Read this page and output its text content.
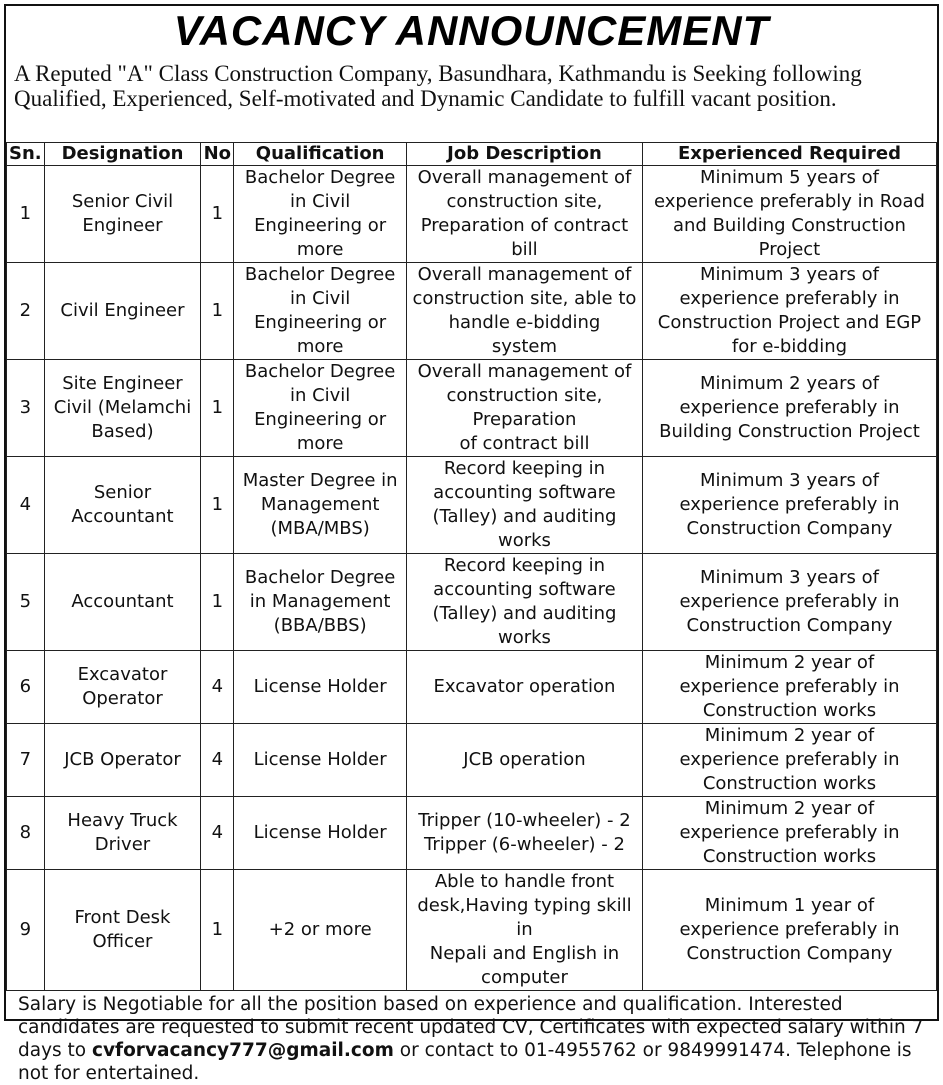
VACANCY ANNOUNCEMENT
A Reputed "A" Class Construction Company, Basundhara, Kathmandu is Seeking following Qualified, Experienced, Self-motivated and Dynamic Candidate to fulfill vacant position.
Sn.	Designation	No	Qualification	Job Description	Experienced Required
1	Senior Civil
Engineer	1	Bachelor Degree
in Civil
Engineering or
more	Overall management of
construction site,
Preparation of contract bill	Minimum 5 years of
experience preferably in Road
and Building Construction
Project
2	Civil Engineer	1	Bachelor Degree
in Civil
Engineering or
more	Overall management of
construction site, able to
handle e-bidding
system	Minimum 3 years of
experience preferably in
Construction Project and EGP
for e-bidding
3	Site Engineer
Civil (Melamchi
Based)	1	Bachelor Degree
in Civil
Engineering or
more	Overall management of
construction site,
Preparation
of contract bill	Minimum 2 years of
experience preferably in
Building Construction Project
4	Senior
Accountant	1	Master Degree in
Management
(MBA/MBS)	Record keeping in
accounting software
(Talley) and auditing works	Minimum 3 years of
experience preferably in
Construction Company
5	Accountant	1	Bachelor Degree
in Management
(BBA/BBS)	Record keeping in
accounting software
(Talley) and auditing works	Minimum 3 years of
experience preferably in
Construction Company
6	Excavator
Operator	4	License Holder	Excavator operation	Minimum 2 year of
experience preferably in
Construction works
7	JCB Operator	4	License Holder	JCB operation	Minimum 2 year of
experience preferably in
Construction works
8	Heavy Truck
Driver	4	License Holder	Tripper (10-wheeler) - 2
Tripper (6-wheeler) - 2	Minimum 2 year of
experience preferably in
Construction works
9	Front Desk
Officer	1	+2 or more	Able to handle front
desk,Having typing skill in
Nepali and English in
computer	Minimum 1 year of
experience preferably in
Construction Company
Salary is Negotiable for all the position based on experience and qualification. Interested candidates are requested to submit recent updated CV, Certificates with expected salary within 7 days to cvforvacancy777@gmail.com or contact to 01-4955762 or 9849991474. Telephone is not for entertained.
